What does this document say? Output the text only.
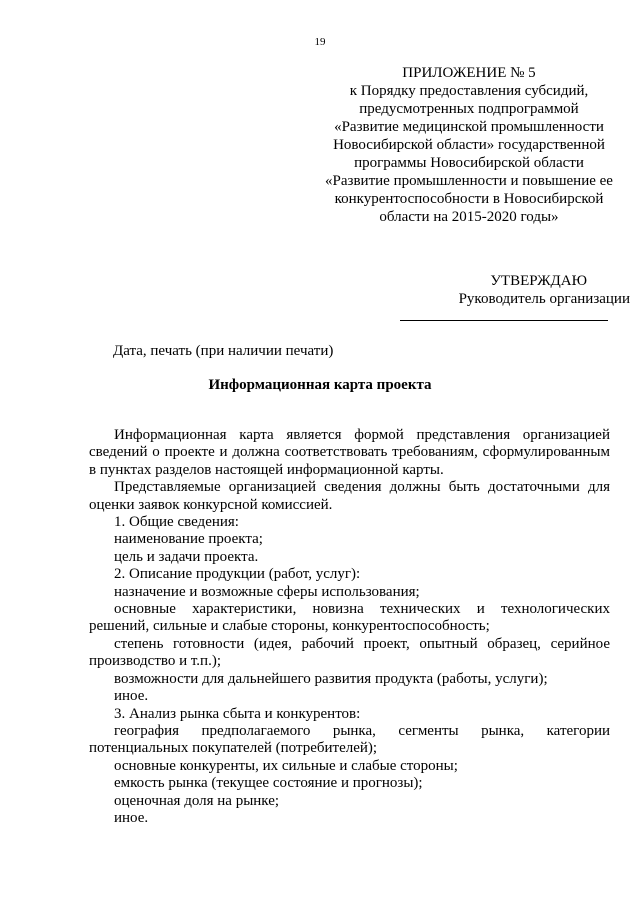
19
ПРИЛОЖЕНИЕ № 5
к Порядку предоставления субсидий,
предусмотренных подпрограммой
«Развитие медицинской промышленности
Новосибирской области» государственной
программы Новосибирской области
«Развитие промышленности и повышение ее
конкурентоспособности в Новосибирской
области на 2015-2020 годы»
УТВЕРЖДАЮ
Руководитель организации
Дата, печать (при наличии печати)
Информационная карта проекта

Информационная карта является формой представления организацией сведений о проекте и должна соответствовать требованиям, сформулированным в пунктах разделов настоящей информационной карты.

Представляемые организацией сведения должны быть достаточными для оценки заявок конкурсной комиссией.

1. Общие сведения:

наименование проекта;

цель и задачи проекта.

2. Описание продукции (работ, услуг):

назначение и возможные сферы использования;

основные характеристики, новизна технических и технологических решений, сильные и слабые стороны, конкурентоспособность;

степень готовности (идея, рабочий проект, опытный образец, серийное производство и т.п.);

возможности для дальнейшего развития продукта (работы, услуги);

иное.

3. Анализ рынка сбыта и конкурентов:

география предполагаемого рынка, сегменты рынка, категории потенциальных покупателей (потребителей);

основные конкуренты, их сильные и слабые стороны;

емкость рынка (текущее состояние и прогнозы);

оценочная доля на рынке;

иное.
